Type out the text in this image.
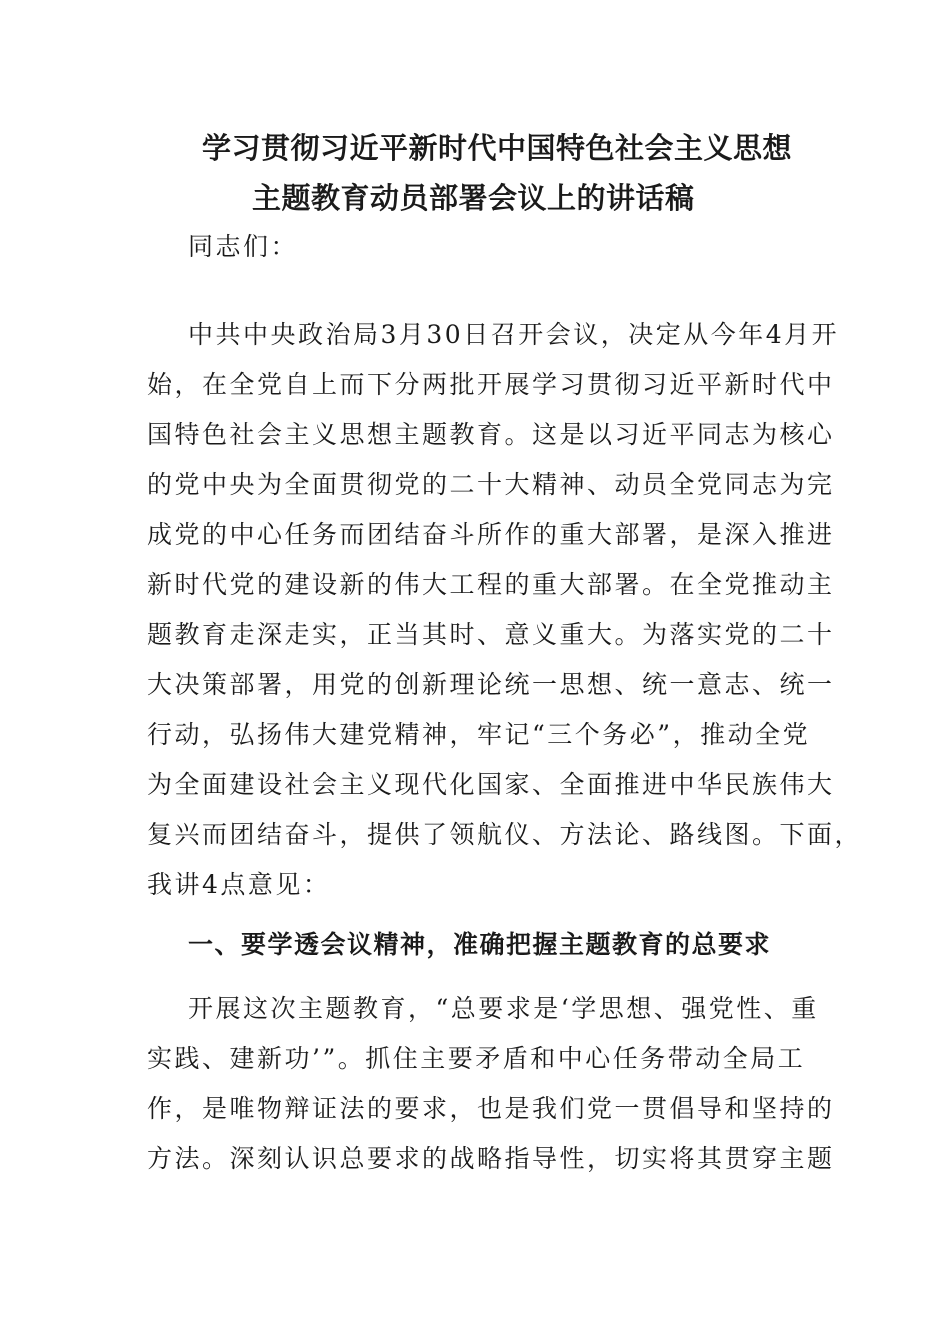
学习贯彻习近平新时代中国特色社会主义思想
主题教育动员部署会议上的讲话稿
同志们：
中共中央政治局3月30日召开会议，决定从今年4月开
始，在全党自上而下分两批开展学习贯彻习近平新时代中
国特色社会主义思想主题教育。这是以习近平同志为核心
的党中央为全面贯彻党的二十大精神、动员全党同志为完
成党的中心任务而团结奋斗所作的重大部署，是深入推进
新时代党的建设新的伟大工程的重大部署。在全党推动主
题教育走深走实，正当其时、意义重大。为落实党的二十
大决策部署，用党的创新理论统一思想、统一意志、统一
行动，弘扬伟大建党精神，牢记“三个务必”，推动全党
为全面建设社会主义现代化国家、全面推进中华民族伟大
复兴而团结奋斗，提供了领航仪、方法论、路线图。下面，
我讲4点意见：
一、要学透会议精神，准确把握主题教育的总要求
开展这次主题教育，“总要求是‘学思想、强党性、重
实践、建新功’”。抓住主要矛盾和中心任务带动全局工
作，是唯物辩证法的要求，也是我们党一贯倡导和坚持的
方法。深刻认识总要求的战略指导性，切实将其贯穿主题
